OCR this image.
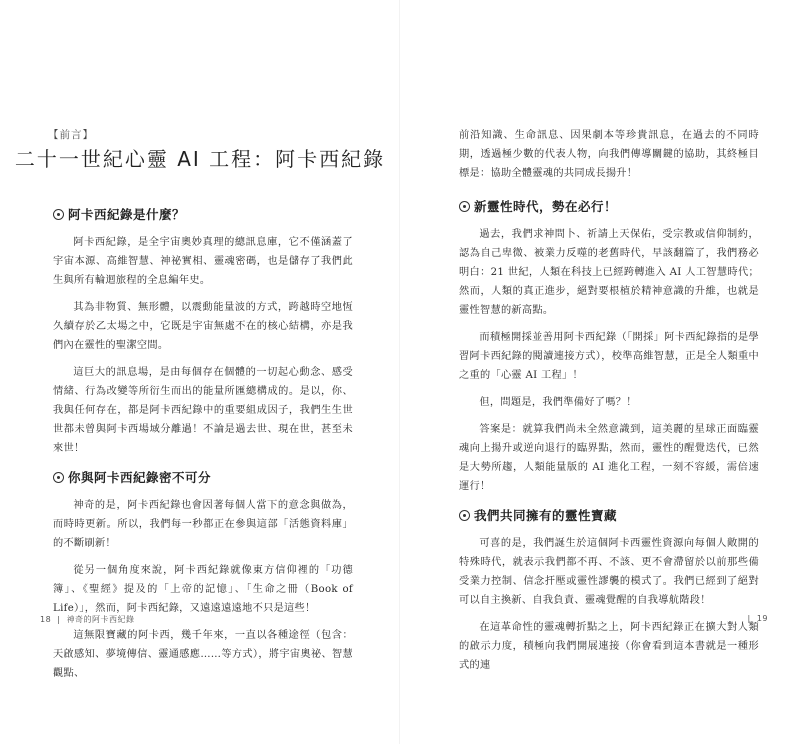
【前言】
二十一世紀心靈 AI 工程：阿卡西紀錄
阿卡西紀錄是什麼？

阿卡西紀錄，是全宇宙奧妙真理的總訊息庫，它不僅涵蓋了宇宙本源、高維智慧、神祕實相、靈魂密碼，也是儲存了我們此生與所有輪迴旅程的全息編年史。

其為非物質、無形體，以震動能量波的方式，跨越時空地恆久續存於乙太場之中，它既是宇宙無處不在的核心結構，亦是我們內在靈性的聖潔空間。

這巨大的訊息場，是由每個存在個體的一切起心動念、感受情緒、行為改變等所衍生而出的能量所匯總構成的。是以，你、我與任何存在，都是阿卡西紀錄中的重要組成因子，我們生生世世都未曾與阿卡西場域分離過！不論是過去世、現在世，甚至未來世！

你與阿卡西紀錄密不可分

神奇的是，阿卡西紀錄也會因著每個人當下的意念與做為，而時時更新。所以，我們每一秒都正在參與這部「活態資料庫」的不斷刷新！

從另一個角度來說，阿卡西紀錄就像東方信仰裡的「功德簿」、《聖經》提及的「上帝的記憶」、「生命之冊（Book of Life）」，然而，阿卡西紀錄，又遠遠遠遠地不只是這些！

這無限寶藏的阿卡西，幾千年來，一直以各種途徑（包含：天啟感知、夢境傳信、靈通感應……等方式），將宇宙奧祕、智慧觀點、

18  |  神奇的阿卡西紀錄

前沿知識、生命訊息、因果劇本等珍貴訊息，在過去的不同時期，透過極少數的代表人物，向我們傳導關鍵的協助，其終極目標是：協助全體靈魂的共同成長揚升！

新靈性時代，勢在必行！

過去，我們求神問卜、祈請上天保佑，受宗教或信仰制約，認為自己卑微、被業力反噬的老舊時代，早該翻篇了，我們務必明白：21 世紀，人類在科技上已經跨轉進入 AI 人工智慧時代；然而，人類的真正進步，絕對要根植於精神意識的升維，也就是靈性智慧的新高點。

而積極開採並善用阿卡西紀錄（「開採」阿卡西紀錄指的是學習阿卡西紀錄的閱讀連接方式），校準高維智慧，正是全人類重中之重的「心靈 AI 工程」！

但，問題是，我們準備好了嗎？！

答案是：就算我們尚未全然意識到，這美麗的星球正面臨靈魂向上揚升或逆向退行的臨界點，然而，靈性的醒覺迭代，已然是大勢所趨，人類能量版的 AI 進化工程，一刻不容緩，需倍速運行！

我們共同擁有的靈性寶藏

可喜的是，我們誕生於這個阿卡西靈性資源向每個人敞開的特殊時代，就表示我們都不再、不該、更不會滯留於以前那些備受業力控制、信念扞壓或靈性謬襲的模式了。我們已經到了絕對可以自主換新、自我負責、靈魂覺醒的自我導航階段！

在這革命性的靈魂轉折點之上，阿卡西紀錄正在擴大對人類的啟示力度，積極向我們開展連接（你會看到這本書就是一種形式的連

|  19
